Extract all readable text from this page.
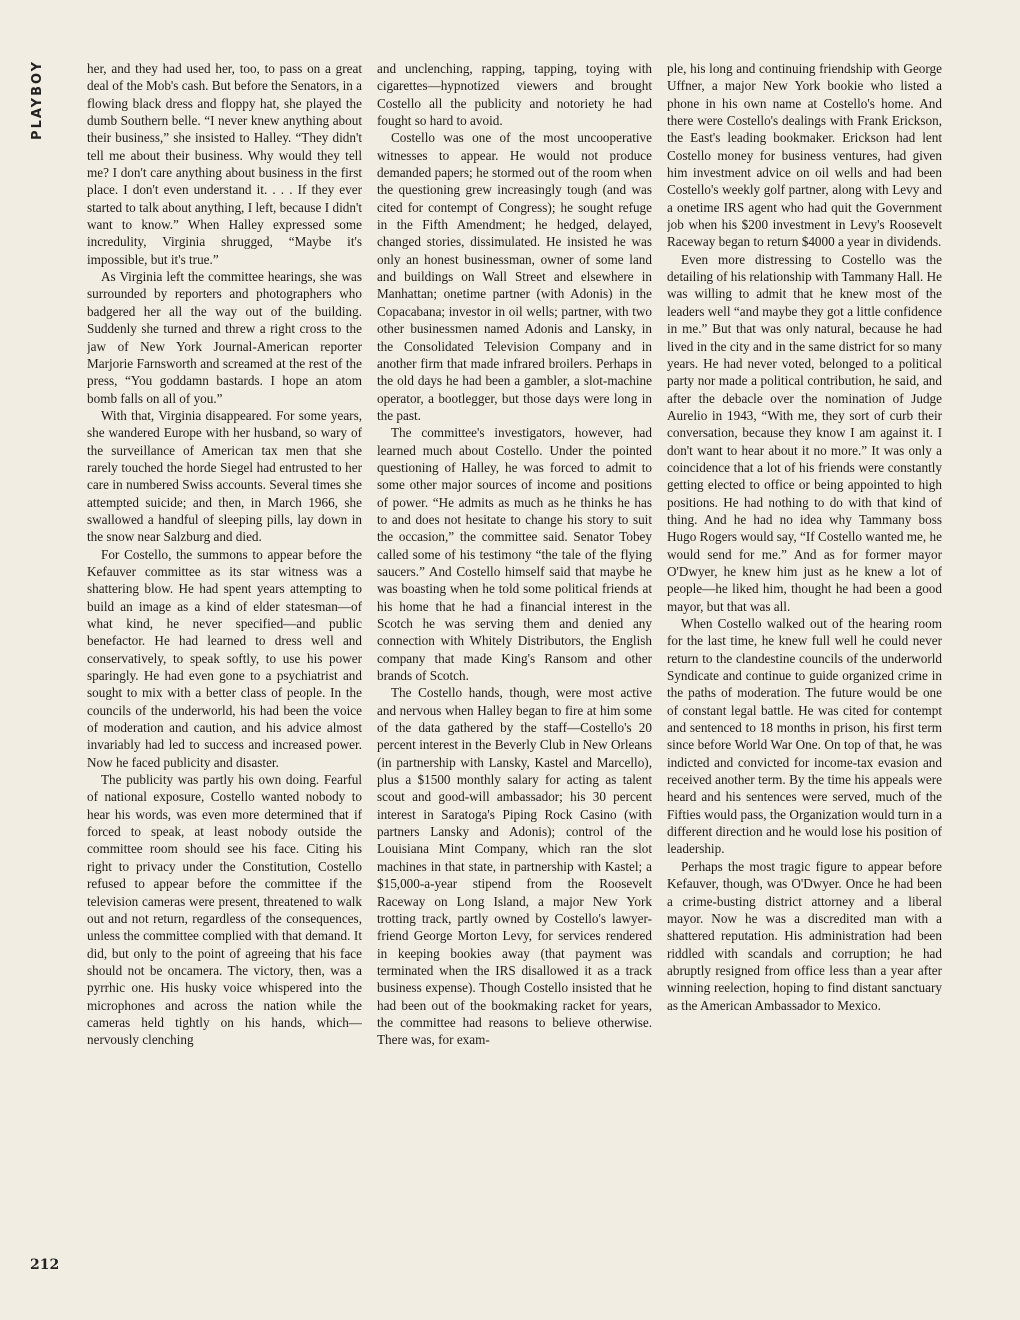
PLAYBOY

212

her, and they had used her, too, to pass on a great deal of the Mob's cash. But before the Senators, in a flowing black dress and floppy hat, she played the dumb Southern belle. “I never knew anything about their business,” she insisted to Halley. “They didn't tell me about their business. Why would they tell me? I don't care anything about business in the first place. I don't even understand it. . . . If they ever started to talk about anything, I left, because I didn't want to know.” When Halley expressed some incredulity, Virginia shrugged, “Maybe it's impossible, but it's true.”

As Virginia left the committee hearings, she was surrounded by reporters and photographers who badgered her all the way out of the building. Suddenly she turned and threw a right cross to the jaw of New York Journal-American reporter Marjorie Farnsworth and screamed at the rest of the press, “You goddamn bastards. I hope an atom bomb falls on all of you.”

With that, Virginia disappeared. For some years, she wandered Europe with her husband, so wary of the surveillance of American tax men that she rarely touched the horde Siegel had entrusted to her care in numbered Swiss accounts. Several times she attempted suicide; and then, in March 1966, she swallowed a handful of sleeping pills, lay down in the snow near Salzburg and died.

For Costello, the summons to appear before the Kefauver committee as its star witness was a shattering blow. He had spent years attempting to build an image as a kind of elder statesman—of what kind, he never specified—and public benefactor. He had learned to dress well and conservatively, to speak softly, to use his power sparingly. He had even gone to a psychiatrist and sought to mix with a better class of people. In the councils of the underworld, his had been the voice of moderation and caution, and his advice almost invariably had led to success and increased power. Now he faced publicity and disaster.

The publicity was partly his own doing. Fearful of national exposure, Costello wanted nobody to hear his words, was even more determined that if forced to speak, at least nobody outside the committee room should see his face. Citing his right to privacy under the Constitution, Costello refused to appear before the committee if the television cameras were present, threatened to walk out and not return, regardless of the consequences, unless the committee complied with that demand. It did, but only to the point of agreeing that his face should not be oncamera. The victory, then, was a pyrrhic one. His husky voice whispered into the microphones and across the nation while the cameras held tightly on his hands, which—nervously clenching

and unclenching, rapping, tapping, toying with cigarettes—hypnotized viewers and brought Costello all the publicity and notoriety he had fought so hard to avoid.

Costello was one of the most uncooperative witnesses to appear. He would not produce demanded papers; he stormed out of the room when the questioning grew increasingly tough (and was cited for contempt of Congress); he sought refuge in the Fifth Amendment; he hedged, delayed, changed stories, dissimulated. He insisted he was only an honest businessman, owner of some land and buildings on Wall Street and elsewhere in Manhattan; onetime partner (with Adonis) in the Copacabana; investor in oil wells; partner, with two other businessmen named Adonis and Lansky, in the Consolidated Television Company and in another firm that made infrared broilers. Perhaps in the old days he had been a gambler, a slot-machine operator, a bootlegger, but those days were long in the past.

The committee's investigators, however, had learned much about Costello. Under the pointed questioning of Halley, he was forced to admit to some other major sources of income and positions of power. “He admits as much as he thinks he has to and does not hesitate to change his story to suit the occasion,” the committee said. Senator Tobey called some of his testimony “the tale of the flying saucers.” And Costello himself said that maybe he was boasting when he told some political friends at his home that he had a financial interest in the Scotch he was serving them and denied any connection with Whitely Distributors, the English company that made King's Ransom and other brands of Scotch.

The Costello hands, though, were most active and nervous when Halley began to fire at him some of the data gathered by the staff—Costello's 20 percent interest in the Beverly Club in New Orleans (in partnership with Lansky, Kastel and Marcello), plus a $1500 monthly salary for acting as talent scout and good-will ambassador; his 30 percent interest in Saratoga's Piping Rock Casino (with partners Lansky and Adonis); control of the Louisiana Mint Company, which ran the slot machines in that state, in partnership with Kastel; a $15,000-a-year stipend from the Roosevelt Raceway on Long Island, a major New York trotting track, partly owned by Costello's lawyer-friend George Morton Levy, for services rendered in keeping bookies away (that payment was terminated when the IRS disallowed it as a track business expense). Though Costello insisted that he had been out of the bookmaking racket for years, the committee had reasons to believe otherwise. There was, for exam-

ple, his long and continuing friendship with George Uffner, a major New York bookie who listed a phone in his own name at Costello's home. And there were Costello's dealings with Frank Erickson, the East's leading bookmaker. Erickson had lent Costello money for business ventures, had given him investment advice on oil wells and had been Costello's weekly golf partner, along with Levy and a onetime IRS agent who had quit the Government job when his $200 investment in Levy's Roosevelt Raceway began to return $4000 a year in dividends.

Even more distressing to Costello was the detailing of his relationship with Tammany Hall. He was willing to admit that he knew most of the leaders well “and maybe they got a little confidence in me.” But that was only natural, because he had lived in the city and in the same district for so many years. He had never voted, belonged to a political party nor made a political contribution, he said, and after the debacle over the nomination of Judge Aurelio in 1943, “With me, they sort of curb their conversation, because they know I am against it. I don't want to hear about it no more.” It was only a coincidence that a lot of his friends were constantly getting elected to office or being appointed to high positions. He had nothing to do with that kind of thing. And he had no idea why Tammany boss Hugo Rogers would say, “If Costello wanted me, he would send for me.” And as for former mayor O'Dwyer, he knew him just as he knew a lot of people—he liked him, thought he had been a good mayor, but that was all.

When Costello walked out of the hearing room for the last time, he knew full well he could never return to the clandestine councils of the underworld Syndicate and continue to guide organized crime in the paths of moderation. The future would be one of constant legal battle. He was cited for contempt and sentenced to 18 months in prison, his first term since before World War One. On top of that, he was indicted and convicted for income-tax evasion and received another term. By the time his appeals were heard and his sentences were served, much of the Fifties would pass, the Organization would turn in a different direction and he would lose his position of leadership.

Perhaps the most tragic figure to appear before Kefauver, though, was O'Dwyer. Once he had been a crime-busting district attorney and a liberal mayor. Now he was a discredited man with a shattered reputation. His administration had been riddled with scandals and corruption; he had abruptly resigned from office less than a year after winning reelection, hoping to find distant sanctuary as the American Ambassador to Mexico.
